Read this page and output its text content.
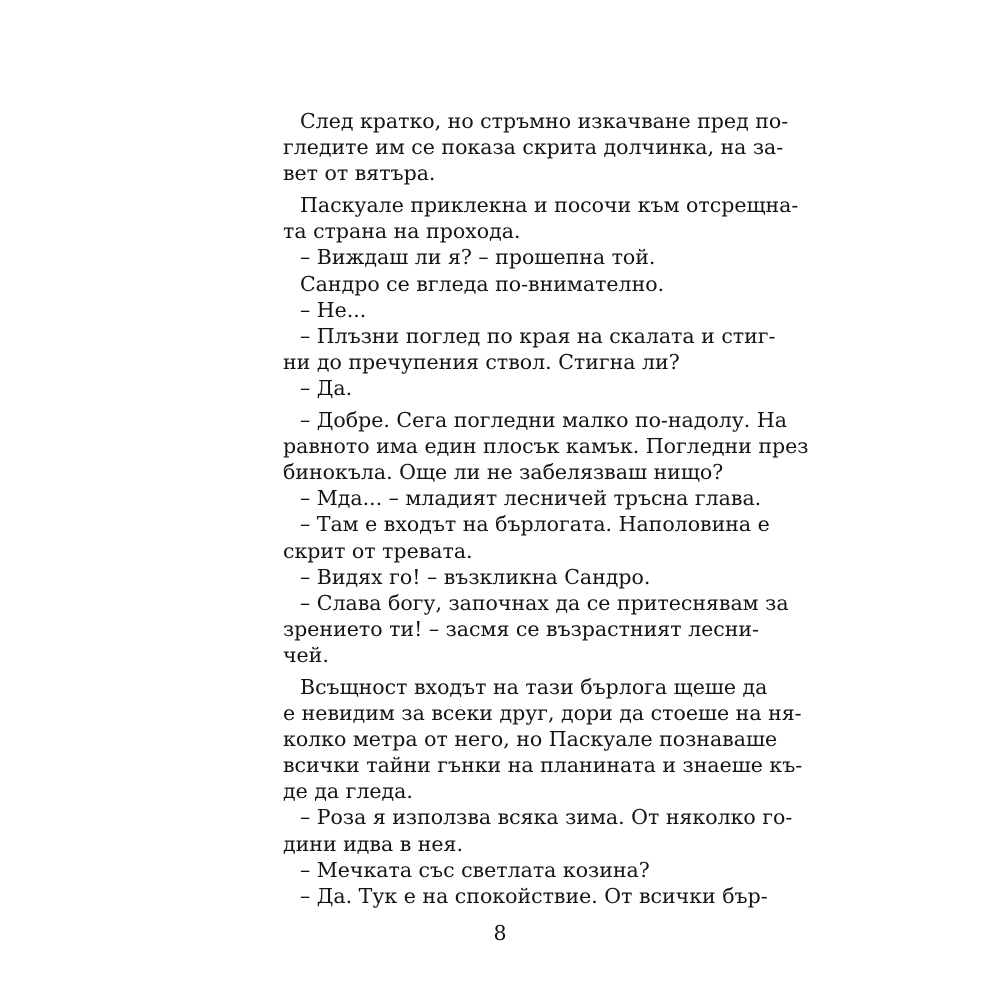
След кратко, но стръмно изкачване пред по-
гледите им се показа скрита долчинка, на за-
вет от вятъра.
Паскуале приклекна и посочи към отсрещна-
та страна на прохода.
– Виждаш ли я? – прошепна той.
Сандро се вгледа по-внимателно.
– Не...
– Плъзни поглед по края на скалата и стиг-
ни до пречупения ствол. Стигна ли?
– Да.
– Добре. Сега погледни малко по-надолу. На
равното има един плосък камък. Погледни през
бинокъла. Още ли не забелязваш нищо?
– Мда... – младият лесничей тръсна глава.
– Там е входът на бърлогата. Наполовина е
скрит от тревата.
– Видях го! – възкликна Сандро.
– Слава богу, започнах да се притеснявам за
зрението ти! – засмя се възрастният лесни-
чей.
Всъщност входът на тази бърлога щеше да
е невидим за всеки друг, дори да стоеше на ня-
колко метра от него, но Паскуале познаваше
всички тайни гънки на планината и знаеше къ-
де да гледа.
– Роза я използва всяка зима. От няколко го-
дини идва в нея.
– Мечката със светлата козина?
– Да. Тук е на спокойствие. От всички бър-
8
